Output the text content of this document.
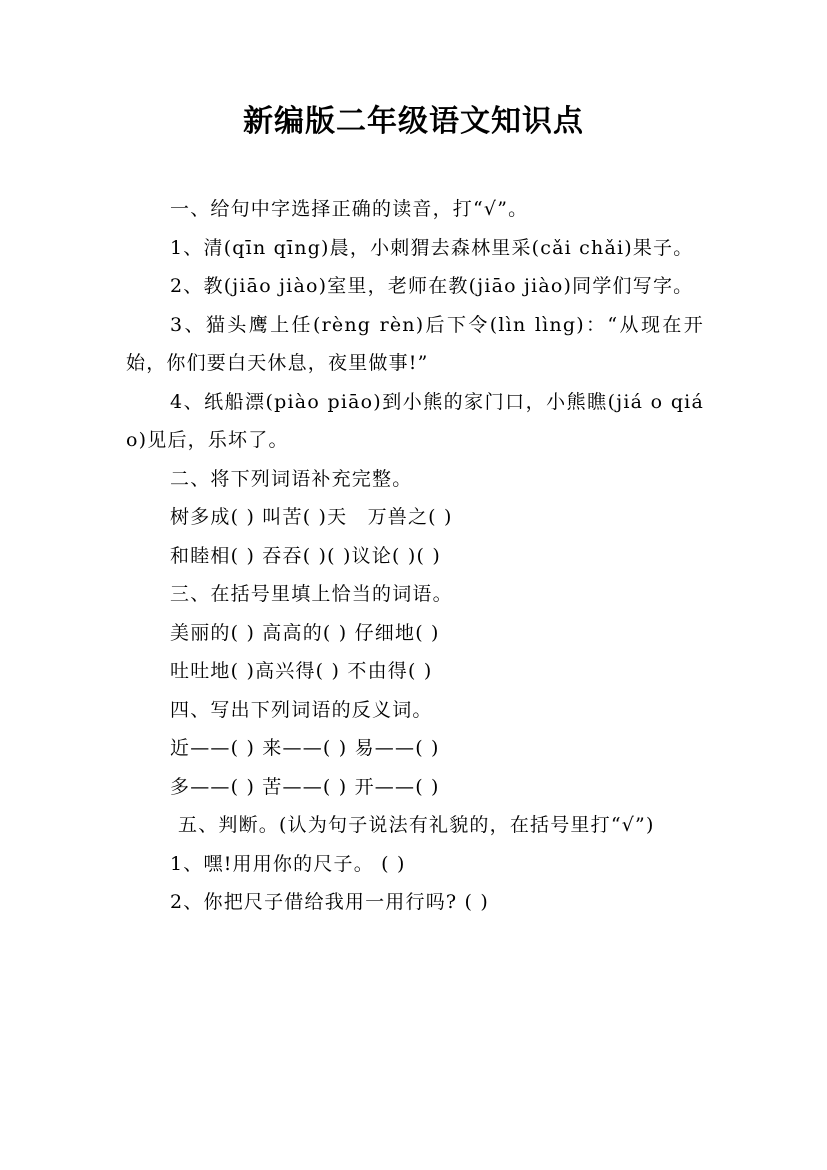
新编版二年级语文知识点

一、给句中字选择正确的读音，打“√”。

1、清(qīn qīng)晨，小刺猬去森林里采(cǎi chǎi)果子。

2、教(jiāo jiào)室里，老师在教(jiāo jiào)同学们写字。

3、猫头鹰上任(rèng rèn)后下令(lìn lìng)：“从现在开始，你们要白天休息，夜里做事!”

4、纸船漂(piào piāo)到小熊的家门口，小熊瞧(jiá o qiáo)见后，乐坏了。

二、将下列词语补充完整。

树多成( ) 叫苦( )天　万兽之( )

和睦相( ) 吞吞( )( )议论( )( )

三、在括号里填上恰当的词语。

美丽的( ) 高高的( ) 仔细地( )

吐吐地( )高兴得( ) 不由得( )

四、写出下列词语的反义词。

近——( ) 来——( ) 易——( )

多——( ) 苦——( ) 开——( )

五、判断。(认为句子说法有礼貌的，在括号里打“√”)

1、嘿!用用你的尺子。 ( )

2、你把尺子借给我用一用行吗? ( )
